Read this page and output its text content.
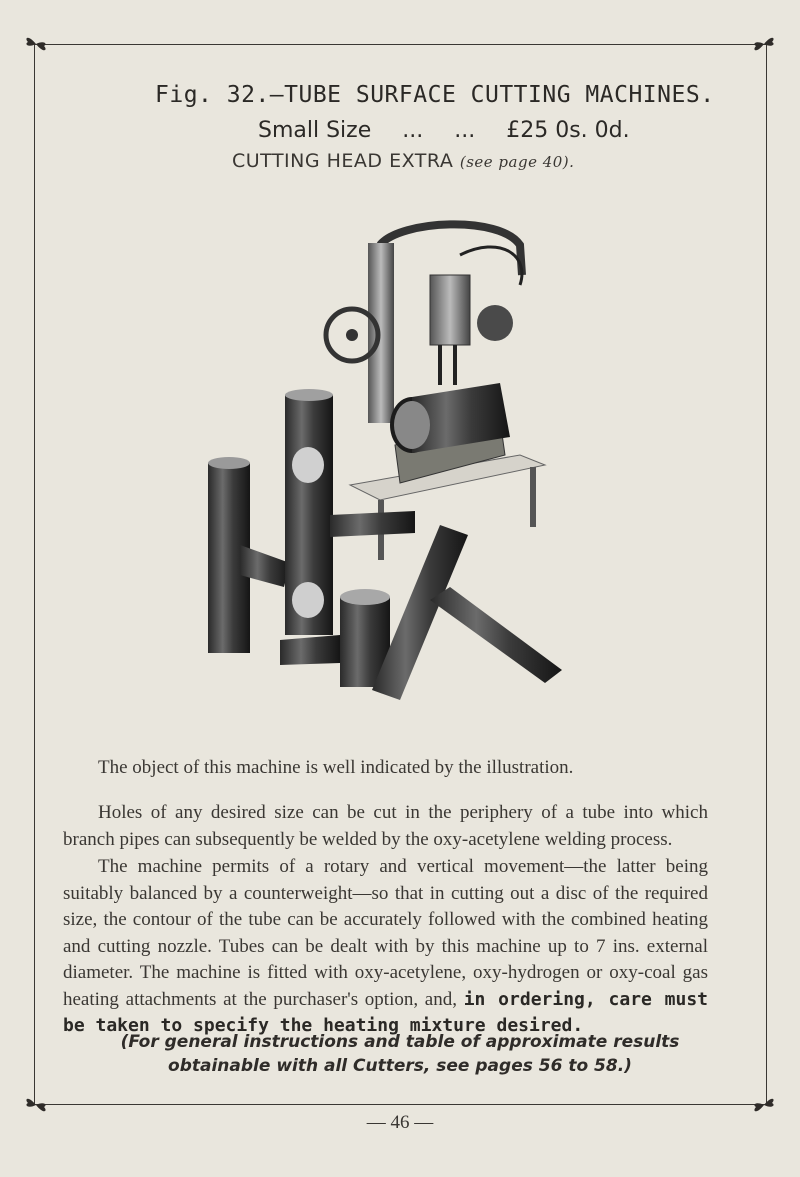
Fig. 32.—TUBE SURFACE CUTTING MACHINES.
Small Size ... ... £25 0s. 0d.
CUTTING HEAD EXTRA (see page 40).
The object of this machine is well indicated by the illustration.
Holes of any desired size can be cut in the periphery of a tube into which branch pipes can subsequently be welded by the oxy-acetylene welding process.
The machine permits of a rotary and vertical movement—the latter being suitably balanced by a counterweight—so that in cutting out a disc of the required size, the contour of the tube can be accurately followed with the combined heating and cutting nozzle. Tubes can be dealt with by this machine up to 7 ins. external diameter. The machine is fitted with oxy-acetylene, oxy-hydrogen or oxy-coal gas heating attachments at the purchaser's option, and, in ordering, care must be taken to specify the heating mixture desired.
(For general instructions and table of approximate results obtainable with all Cutters, see pages 56 to 58.)
— 46 —
